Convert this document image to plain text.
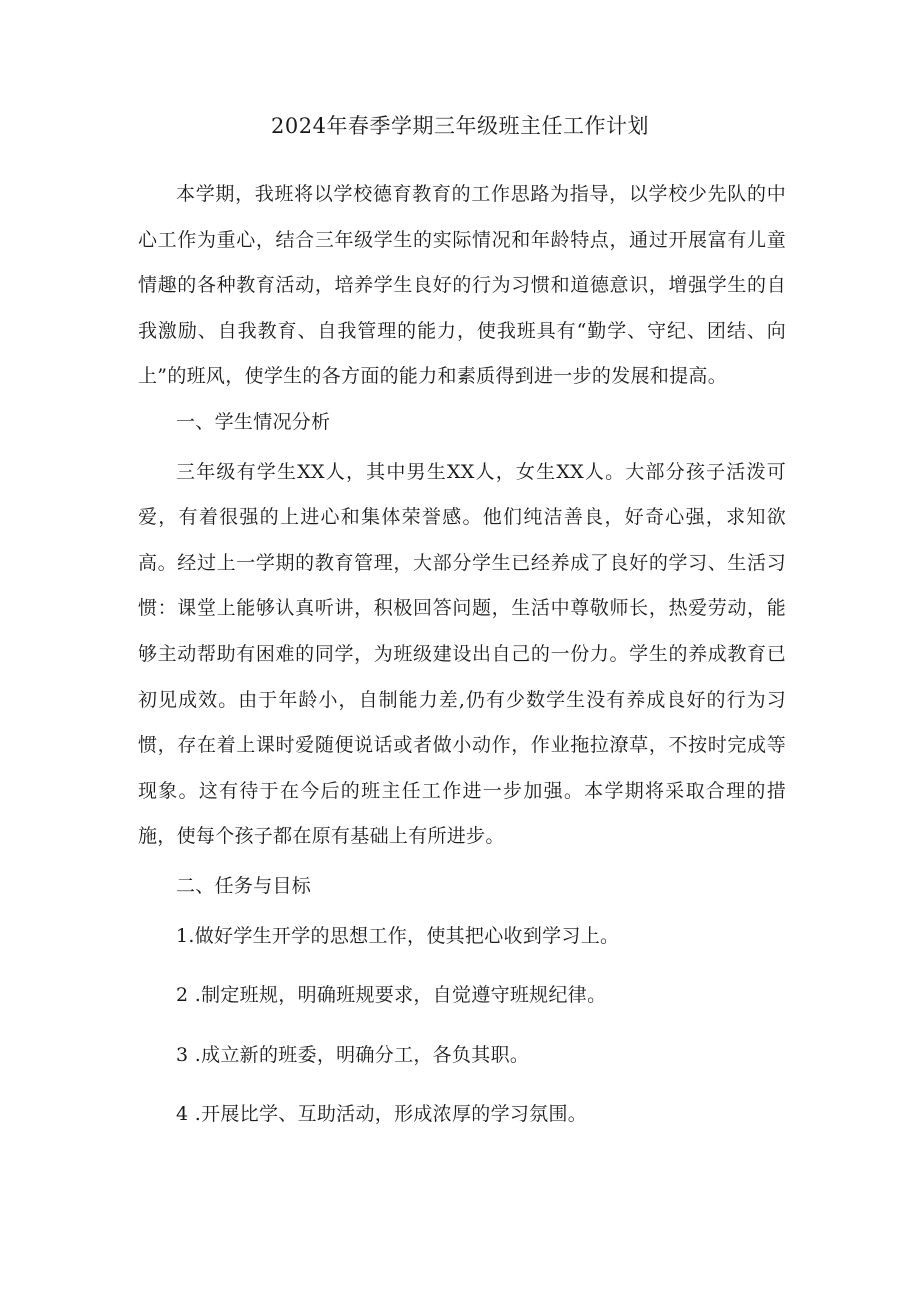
2024年春季学期三年级班主任工作计划

本学期，我班将以学校德育教育的工作思路为指导，以学校少先队的中心工作为重心，结合三年级学生的实际情况和年龄特点，通过开展富有儿童情趣的各种教育活动，培养学生良好的行为习惯和道德意识，增强学生的自我激励、自我教育、自我管理的能力，使我班具有“勤学、守纪、团结、向上”的班风，使学生的各方面的能力和素质得到进一步的发展和提高。

一、学生情况分析

三年级有学生XX人，其中男生XX人，女生XX人。大部分孩子活泼可爱，有着很强的上进心和集体荣誉感。他们纯洁善良，好奇心强，求知欲高。经过上一学期的教育管理，大部分学生已经养成了良好的学习、生活习惯：课堂上能够认真听讲，积极回答问题，生活中尊敬师长，热爱劳动，能够主动帮助有困难的同学，为班级建设出自己的一份力。学生的养成教育已初见成效。由于年龄小，自制能力差,仍有少数学生没有养成良好的行为习惯，存在着上课时爱随便说话或者做小动作，作业拖拉潦草，不按时完成等现象。这有待于在今后的班主任工作进一步加强。本学期将采取合理的措施，使每个孩子都在原有基础上有所进步。

二、任务与目标

1.做好学生开学的思想工作，使其把心收到学习上。

2 .制定班规，明确班规要求，自觉遵守班规纪律。

3 .成立新的班委，明确分工，各负其职。

4 .开展比学、互助活动，形成浓厚的学习氛围。
